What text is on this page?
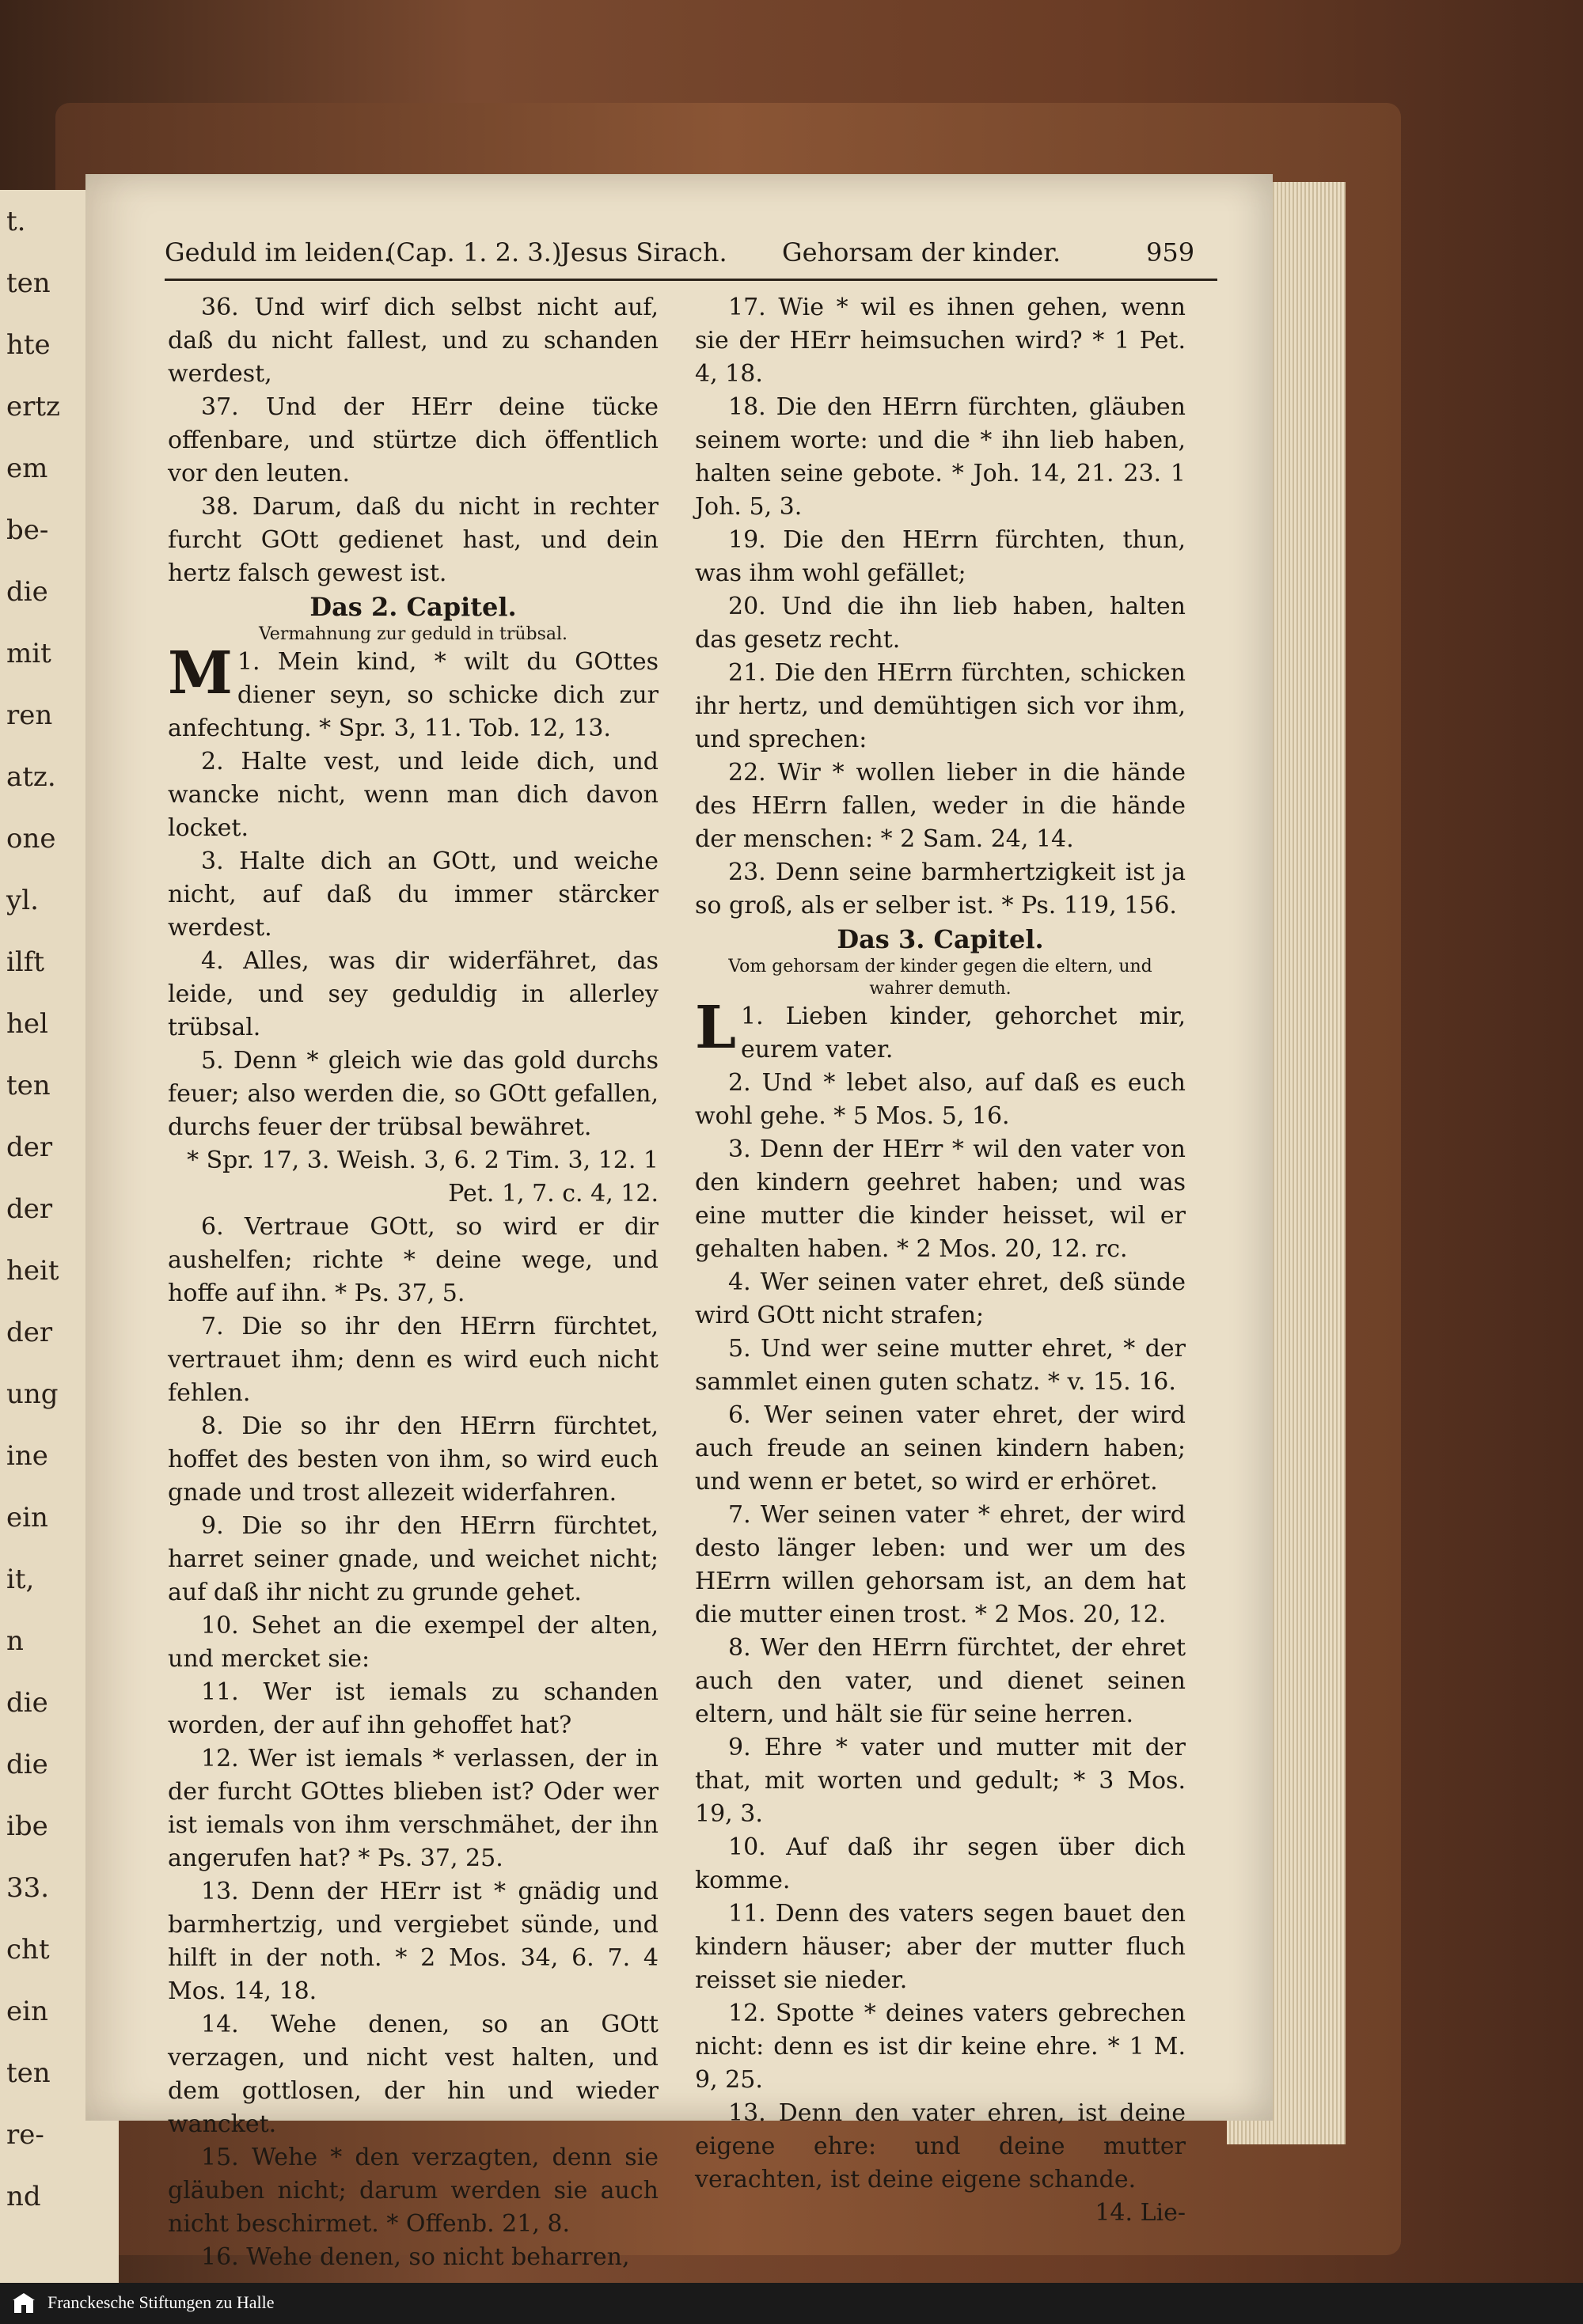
t.
ten
hte
ertz
em
be-
die
mit
ren
atz.
one
yl.
ilft
hel
ten
der
der
heit
der
ung
ine
ein
it,
n
die
die
ibe
33.
cht
ein
ten
re-
nd
Geduld im leiden.
(Cap. 1. 2. 3.)
Jesus Sirach. Gehorsam der kinder.	959

36. Und wirf dich selbst nicht auf, daß du nicht fallest, und zu schanden werdest,

37. Und der HErr deine tücke offenbare, und stürtze dich öffentlich vor den leuten.

38. Darum, daß du nicht in rechter furcht GOtt gedienet hast, und dein hertz falsch gewest ist.

Das 2. Capitel.

Vermahnung zur geduld in trübsal.

M 1. Mein kind, * wilt du GOttes diener seyn, so schicke dich zur anfechtung. * Spr. 3, 11. Tob. 12, 13.

2. Halte vest, und leide dich, und wancke nicht, wenn man dich davon locket.

3. Halte dich an GOtt, und weiche nicht, auf daß du immer stärcker werdest.

4. Alles, was dir widerfähret, das leide, und sey geduldig in allerley trübsal.

5. Denn * gleich wie das gold durchs feuer; also werden die, so GOtt gefallen, durchs feuer der trübsal bewähret.

* Spr. 17, 3. Weish. 3, 6. 2 Tim. 3, 12. 1 Pet. 1, 7. c. 4, 12.

6. Vertraue GOtt, so wird er dir aushelfen; richte * deine wege, und hoffe auf ihn. * Ps. 37, 5.

7. Die so ihr den HErrn fürchtet, vertrauet ihm; denn es wird euch nicht fehlen.

8. Die so ihr den HErrn fürchtet, hoffet des besten von ihm, so wird euch gnade und trost allezeit widerfahren.

9. Die so ihr den HErrn fürchtet, harret seiner gnade, und weichet nicht; auf daß ihr nicht zu grunde gehet.

10. Sehet an die exempel der alten, und mercket sie:

11. Wer ist iemals zu schanden worden, der auf ihn gehoffet hat?

12. Wer ist iemals * verlassen, der in der furcht GOttes blieben ist? Oder wer ist iemals von ihm verschmähet, der ihn angerufen hat? * Ps. 37, 25.

13. Denn der HErr ist * gnädig und barmhertzig, und vergiebet sünde, und hilft in der noth. * 2 Mos. 34, 6. 7. 4 Mos. 14, 18.

14. Wehe denen, so an GOtt verzagen, und nicht vest halten, und dem gottlosen, der hin und wieder wancket.

15. Wehe * den verzagten, denn sie gläuben nicht; darum werden sie auch nicht beschirmet. * Offenb. 21, 8.

16. Wehe denen, so nicht beharren,

17. Wie * wil es ihnen gehen, wenn sie der HErr heimsuchen wird? * 1 Pet. 4, 18.

18. Die den HErrn fürchten, gläuben seinem worte: und die * ihn lieb haben, halten seine gebote. * Joh. 14, 21. 23. 1 Joh. 5, 3.

19. Die den HErrn fürchten, thun, was ihm wohl gefället;

20. Und die ihn lieb haben, halten das gesetz recht.

21. Die den HErrn fürchten, schicken ihr hertz, und demühtigen sich vor ihm, und sprechen:

22. Wir * wollen lieber in die hände des HErrn fallen, weder in die hände der menschen: * 2 Sam. 24, 14.

23. Denn seine barmhertzigkeit ist ja so groß, als er selber ist. * Ps. 119, 156.

Das 3. Capitel.

Vom gehorsam der kinder gegen die eltern, und wahrer demuth.

L 1. Lieben kinder, gehorchet mir, eurem vater.

2. Und * lebet also, auf daß es euch wohl gehe. * 5 Mos. 5, 16.

3. Denn der HErr * wil den vater von den kindern geehret haben; und was eine mutter die kinder heisset, wil er gehalten haben. * 2 Mos. 20, 12. rc.

4. Wer seinen vater ehret, deß sünde wird GOtt nicht strafen;

5. Und wer seine mutter ehret, * der sammlet einen guten schatz. * v. 15. 16.

6. Wer seinen vater ehret, der wird auch freude an seinen kindern haben; und wenn er betet, so wird er erhöret.

7. Wer seinen vater * ehret, der wird desto länger leben: und wer um des HErrn willen gehorsam ist, an dem hat die mutter einen trost. * 2 Mos. 20, 12.

8. Wer den HErrn fürchtet, der ehret auch den vater, und dienet seinen eltern, und hält sie für seine herren.

9. Ehre * vater und mutter mit der that, mit worten und gedult; * 3 Mos. 19, 3.

10. Auf daß ihr segen über dich komme.

11. Denn des vaters segen bauet den kindern häuser; aber der mutter fluch reisset sie nieder.

12. Spotte * deines vaters gebrechen nicht: denn es ist dir keine ehre. * 1 M. 9, 25.

13. Denn den vater ehren, ist deine eigene ehre: und deine mutter verachten, ist deine eigene schande.

14. Lie-

Franckesche Stiftungen zu Halle
